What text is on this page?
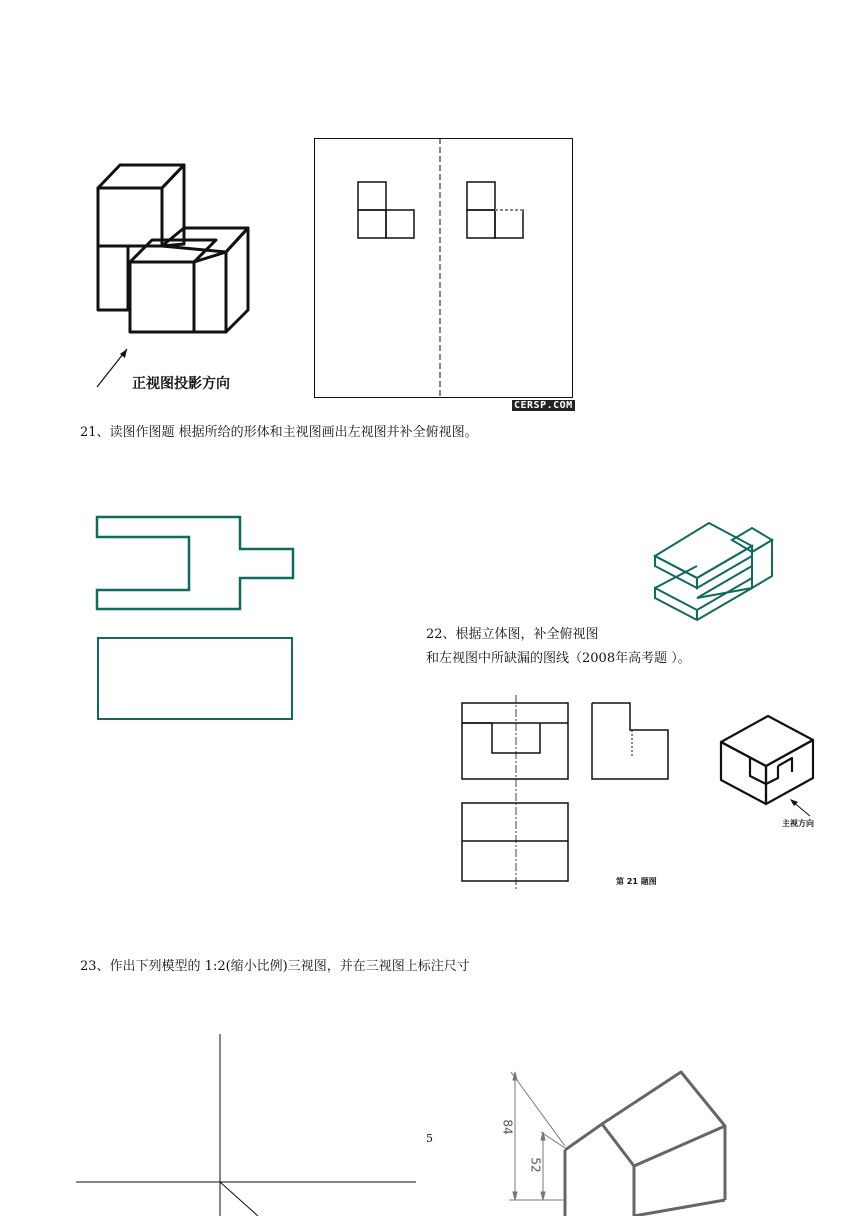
正视图投影方向
CERSP.COM
21、读图作图题 根据所给的形体和主视图画出左视图并补全俯视图。
22、根据立体图，补全俯视图
和左视图中所缺漏的图线（2008年高考题 ）。
主视方向
第 21 题图
23、作出下列模型的 1:2(缩小比例)三视图，并在三视图上标注尺寸
5
84
52
